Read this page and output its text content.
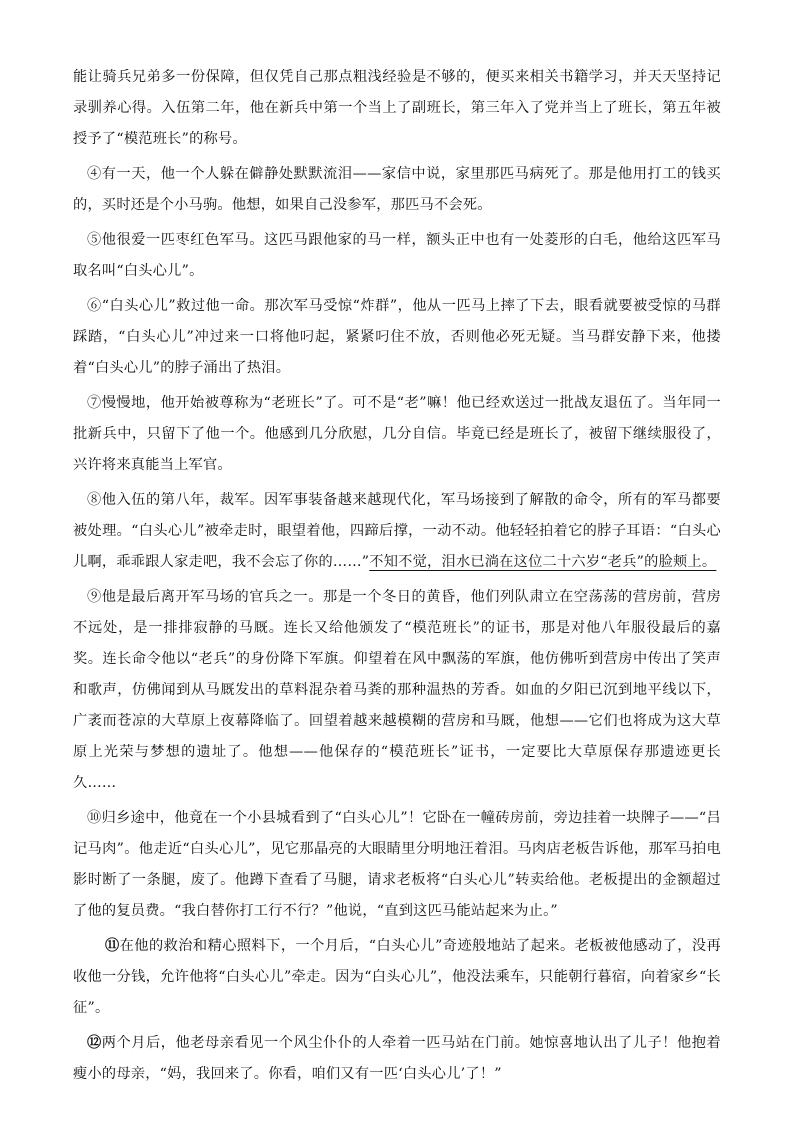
能让骑兵兄弟多一份保障，但仅凭自己那点粗浅经验是不够的，便买来相关书籍学习，并天天坚持记录驯养心得。入伍第二年，他在新兵中第一个当上了副班长，第三年入了党并当上了班长，第五年被授予了“模范班长”的称号。

④有一天，他一个人躲在僻静处默默流泪——家信中说，家里那匹马病死了。那是他用打工的钱买的，买时还是个小马驹。他想，如果自己没参军，那匹马不会死。

⑤他很爱一匹枣红色军马。这匹马跟他家的马一样，额头正中也有一处菱形的白毛，他给这匹军马取名叫“白头心儿”。

⑥“白头心儿”救过他一命。那次军马受惊“炸群”，他从一匹马上摔了下去，眼看就要被受惊的马群踩踏，“白头心儿”冲过来一口将他叼起，紧紧叼住不放，否则他必死无疑。当马群安静下来，他搂着“白头心儿”的脖子涌出了热泪。

⑦慢慢地，他开始被尊称为“老班长”了。可不是“老”嘛！他已经欢送过一批战友退伍了。当年同一批新兵中，只留下了他一个。他感到几分欣慰，几分自信。毕竟已经是班长了，被留下继续服役了，兴许将来真能当上军官。

⑧他入伍的第八年，裁军。因军事装备越来越现代化，军马场接到了解散的命令，所有的军马都要被处理。“白头心儿”被牵走时，眼望着他，四蹄后撑，一动不动。他轻轻拍着它的脖子耳语：“白头心儿啊，乖乖跟人家走吧，我不会忘了你的……”不知不觉，泪水已淌在这位二十六岁“老兵”的脸颊上。

⑨他是最后离开军马场的官兵之一。那是一个冬日的黄昏，他们列队肃立在空荡荡的营房前，营房不远处，是一排排寂静的马厩。连长又给他颁发了“模范班长”的证书，那是对他八年服役最后的嘉奖。连长命令他以“老兵”的身份降下军旗。仰望着在风中飘荡的军旗，他仿佛听到营房中传出了笑声和歌声，仿佛闻到从马厩发出的草料混杂着马粪的那种温热的芳香。如血的夕阳已沉到地平线以下，广袤而苍凉的大草原上夜幕降临了。回望着越来越模糊的营房和马厩，他想——它们也将成为这大草原上光荣与梦想的遗址了。他想——他保存的“模范班长”证书，一定要比大草原保存那遗迹更长久……

⑩归乡途中，他竟在一个小县城看到了“白头心儿”！它卧在一幢砖房前，旁边挂着一块牌子——“吕记马肉”。他走近“白头心儿”，见它那晶亮的大眼睛里分明地汪着泪。马肉店老板告诉他，那军马拍电影时断了一条腿，废了。他蹲下查看了马腿，请求老板将“白头心儿”转卖给他。老板提出的金额超过了他的复员费。“我白替你打工行不行？”他说，“直到这匹马能站起来为止。”

⑪在他的救治和精心照料下，一个月后，“白头心儿”奇迹般地站了起来。老板被他感动了，没再收他一分钱，允许他将“白头心儿”牵走。因为“白头心儿”，他没法乘车，只能朝行暮宿，向着家乡“长征”。

⑫两个月后，他老母亲看见一个风尘仆仆的人牵着一匹马站在门前。她惊喜地认出了儿子！他抱着瘦小的母亲，“妈，我回来了。你看，咱们又有一匹‘白头心儿’了！”
